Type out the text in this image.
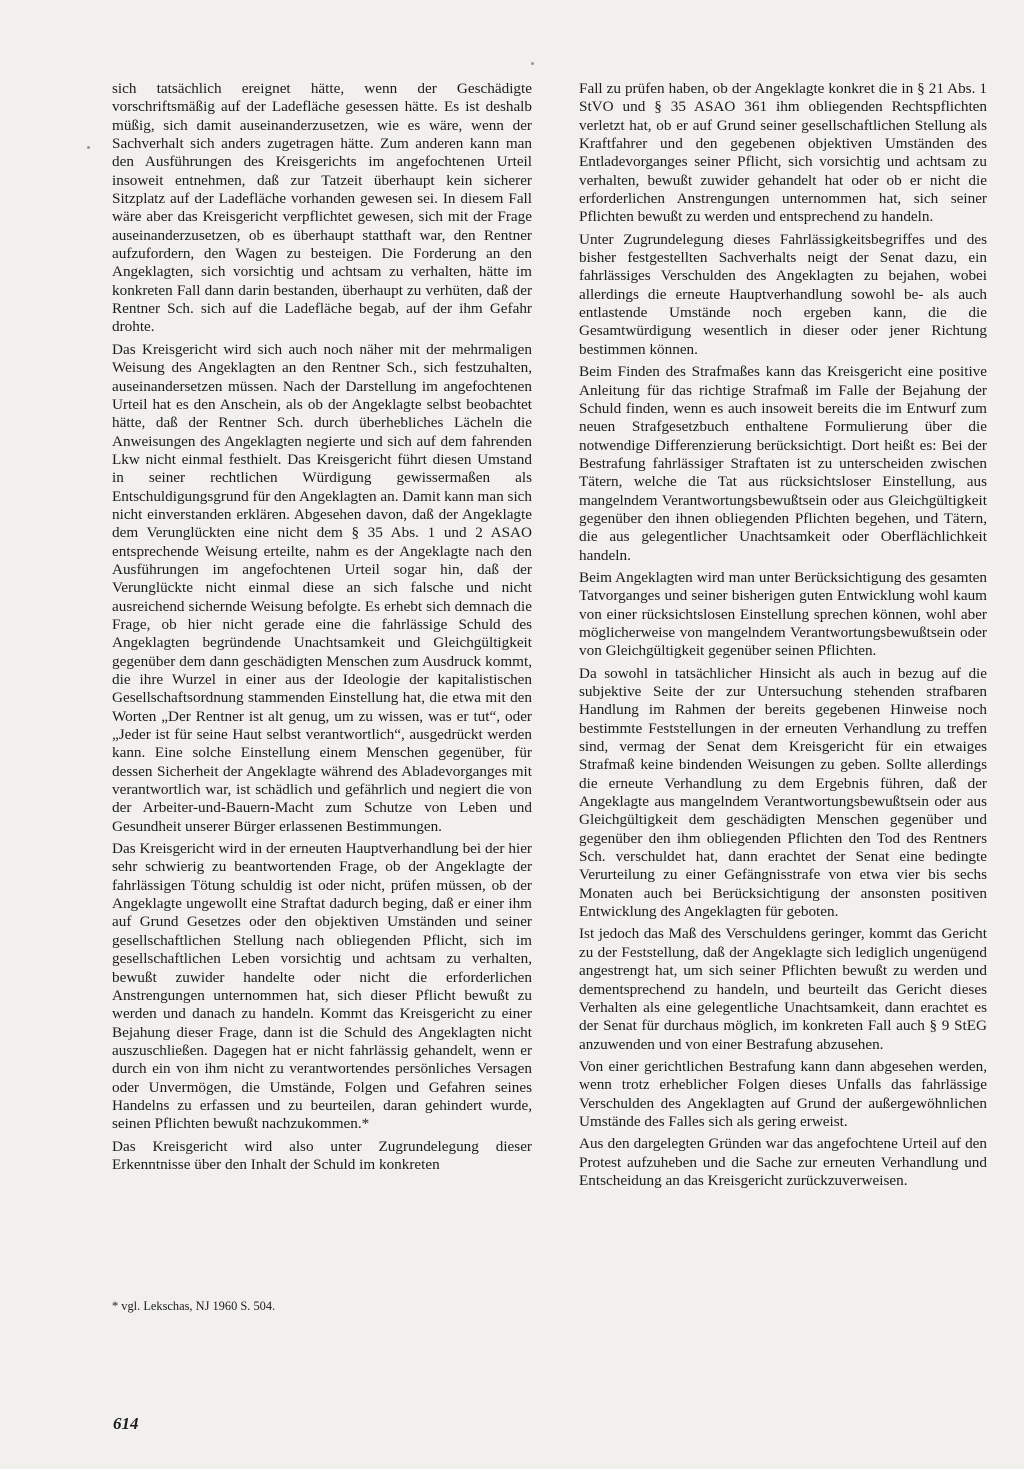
sich tatsächlich ereignet hätte, wenn der Geschädigte vorschriftsmäßig auf der Ladefläche gesessen hätte. Es ist deshalb müßig, sich damit auseinanderzusetzen, wie es wäre, wenn der Sachverhalt sich anders zugetragen hätte. Zum anderen kann man den Ausführungen des Kreisgerichts im angefochtenen Urteil insoweit entnehmen, daß zur Tatzeit überhaupt kein sicherer Sitzplatz auf der Ladefläche vorhanden gewesen sei. In diesem Fall wäre aber das Kreisgericht verpflichtet gewesen, sich mit der Frage auseinanderzusetzen, ob es überhaupt statthaft war, den Rentner aufzufordern, den Wagen zu besteigen. Die Forderung an den Angeklagten, sich vorsichtig und achtsam zu verhalten, hätte im konkreten Fall dann darin bestanden, überhaupt zu verhüten, daß der Rentner Sch. sich auf die Ladefläche begab, auf der ihm Gefahr drohte.

Das Kreisgericht wird sich auch noch näher mit der mehrmaligen Weisung des Angeklagten an den Rentner Sch., sich festzuhalten, auseinandersetzen müssen. Nach der Darstellung im angefochtenen Urteil hat es den Anschein, als ob der Angeklagte selbst beobachtet hätte, daß der Rentner Sch. durch überhebliches Lächeln die Anweisungen des Angeklagten negierte und sich auf dem fahrenden Lkw nicht einmal festhielt. Das Kreisgericht führt diesen Umstand in seiner rechtlichen Würdigung gewissermaßen als Entschuldigungsgrund für den Angeklagten an. Damit kann man sich nicht einverstanden erklären. Abgesehen davon, daß der Angeklagte dem Verunglückten eine nicht dem § 35 Abs. 1 und 2 ASAO entsprechende Weisung erteilte, nahm es der Angeklagte nach den Ausführungen im angefochtenen Urteil sogar hin, daß der Verunglückte nicht einmal diese an sich falsche und nicht ausreichend sichernde Weisung befolgte. Es erhebt sich demnach die Frage, ob hier nicht gerade eine die fahrlässige Schuld des Angeklagten begründende Unachtsamkeit und Gleichgültigkeit gegenüber dem dann geschädigten Menschen zum Ausdruck kommt, die ihre Wurzel in einer aus der Ideologie der kapitalistischen Gesellschaftsordnung stammenden Einstellung hat, die etwa mit den Worten „Der Rentner ist alt genug, um zu wissen, was er tut“, oder „Jeder ist für seine Haut selbst verantwortlich“, ausgedrückt werden kann. Eine solche Einstellung einem Menschen gegenüber, für dessen Sicherheit der Angeklagte während des Abladevorganges mit verantwortlich war, ist schädlich und gefährlich und negiert die von der Arbeiter-und-Bauern-Macht zum Schutze von Leben und Gesundheit unserer Bürger erlassenen Bestimmungen.

Das Kreisgericht wird in der erneuten Hauptverhandlung bei der hier sehr schwierig zu beantwortenden Frage, ob der Angeklagte der fahrlässigen Tötung schuldig ist oder nicht, prüfen müssen, ob der Angeklagte ungewollt eine Straftat dadurch beging, daß er einer ihm auf Grund Gesetzes oder den objektiven Umständen und seiner gesellschaftlichen Stellung nach obliegenden Pflicht, sich im gesellschaftlichen Leben vorsichtig und achtsam zu verhalten, bewußt zuwider handelte oder nicht die erforderlichen Anstrengungen unternommen hat, sich dieser Pflicht bewußt zu werden und danach zu handeln. Kommt das Kreisgericht zu einer Bejahung dieser Frage, dann ist die Schuld des Angeklagten nicht auszuschließen. Dagegen hat er nicht fahrlässig gehandelt, wenn er durch ein von ihm nicht zu verantwortendes persönliches Versagen oder Unvermögen, die Umstände, Folgen und Gefahren seines Handelns zu erfassen und zu beurteilen, daran gehindert wurde, seinen Pflichten bewußt nachzukommen.*

Das Kreisgericht wird also unter Zugrundelegung dieser Erkenntnisse über den Inhalt der Schuld im konkreten

Fall zu prüfen haben, ob der Angeklagte konkret die in § 21 Abs. 1 StVO und § 35 ASAO 361 ihm obliegenden Rechtspflichten verletzt hat, ob er auf Grund seiner gesellschaftlichen Stellung als Kraftfahrer und den gegebenen objektiven Umständen des Entladevorganges seiner Pflicht, sich vorsichtig und achtsam zu verhalten, bewußt zuwider gehandelt hat oder ob er nicht die erforderlichen Anstrengungen unternommen hat, sich seiner Pflichten bewußt zu werden und entsprechend zu handeln.

Unter Zugrundelegung dieses Fahrlässigkeitsbegriffes und des bisher festgestellten Sachverhalts neigt der Senat dazu, ein fahrlässiges Verschulden des Angeklagten zu bejahen, wobei allerdings die erneute Hauptverhandlung sowohl be- als auch entlastende Umstände noch ergeben kann, die die Gesamtwürdigung wesentlich in dieser oder jener Richtung bestimmen können.

Beim Finden des Strafmaßes kann das Kreisgericht eine positive Anleitung für das richtige Strafmaß im Falle der Bejahung der Schuld finden, wenn es auch insoweit bereits die im Entwurf zum neuen Strafgesetzbuch enthaltene Formulierung über die notwendige Differenzierung berücksichtigt. Dort heißt es: Bei der Bestrafung fahrlässiger Straftaten ist zu unterscheiden zwischen Tätern, welche die Tat aus rücksichtsloser Einstellung, aus mangelndem Verantwortungsbewußtsein oder aus Gleichgültigkeit gegenüber den ihnen obliegenden Pflichten begehen, und Tätern, die aus gelegentlicher Unachtsamkeit oder Oberflächlichkeit handeln.

Beim Angeklagten wird man unter Berücksichtigung des gesamten Tatvorganges und seiner bisherigen guten Entwicklung wohl kaum von einer rücksichtslosen Einstellung sprechen können, wohl aber möglicherweise von mangelndem Verantwortungsbewußtsein oder von Gleichgültigkeit gegenüber seinen Pflichten.

Da sowohl in tatsächlicher Hinsicht als auch in bezug auf die subjektive Seite der zur Untersuchung stehenden strafbaren Handlung im Rahmen der bereits gegebenen Hinweise noch bestimmte Feststellungen in der erneuten Verhandlung zu treffen sind, vermag der Senat dem Kreisgericht für ein etwaiges Strafmaß keine bindenden Weisungen zu geben. Sollte allerdings die erneute Verhandlung zu dem Ergebnis führen, daß der Angeklagte aus mangelndem Verantwortungsbewußtsein oder aus Gleichgültigkeit dem geschädigten Menschen gegenüber und gegenüber den ihm obliegenden Pflichten den Tod des Rentners Sch. verschuldet hat, dann erachtet der Senat eine bedingte Verurteilung zu einer Gefängnisstrafe von etwa vier bis sechs Monaten auch bei Berücksichtigung der ansonsten positiven Entwicklung des Angeklagten für geboten.

Ist jedoch das Maß des Verschuldens geringer, kommt das Gericht zu der Feststellung, daß der Angeklagte sich lediglich ungenügend angestrengt hat, um sich seiner Pflichten bewußt zu werden und dementsprechend zu handeln, und beurteilt das Gericht dieses Verhalten als eine gelegentliche Unachtsamkeit, dann erachtet es der Senat für durchaus möglich, im konkreten Fall auch § 9 StEG anzuwenden und von einer Bestrafung abzusehen.

Von einer gerichtlichen Bestrafung kann dann abgesehen werden, wenn trotz erheblicher Folgen dieses Unfalls das fahrlässige Verschulden des Angeklagten auf Grund der außergewöhnlichen Umstände des Falles sich als gering erweist.

Aus den dargelegten Gründen war das angefochtene Urteil auf den Protest aufzuheben und die Sache zur erneuten Verhandlung und Entscheidung an das Kreisgericht zurückzuverweisen.

* vgl. Lekschas, NJ 1960 S. 504.
614
